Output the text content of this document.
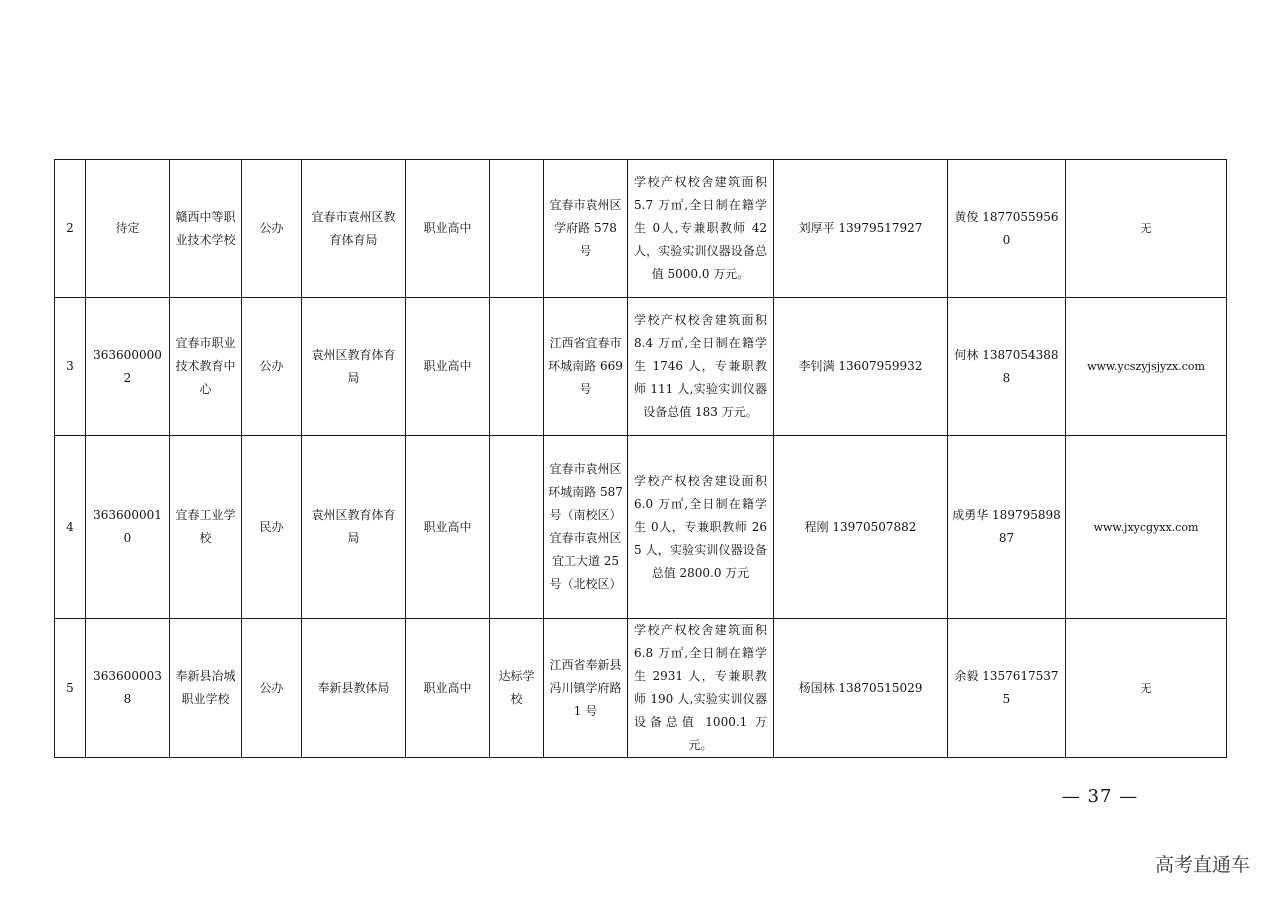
2	待定	赣西中等职业技术学校	公办	宜春市袁州区教育体育局	职业高中		宜春市袁州区学府路 578 号	学校产权校舍建筑面积 5.7 万㎡,全日制在籍学生 0人,专兼职教师 42人，实验实训仪器设备总值 5000.0 万元。	刘厚平 13979517927	黄俊 18770559560	无
3	3636000002	宜春市职业技术教育中心	公办	袁州区教育体育局	职业高中		江西省宜春市环城南路 669 号	学校产权校舍建筑面积 8.4 万㎡,全日制在籍学生 1746 人，专兼职教师 111 人,实验实训仪器设备总值 183 万元。	李钊满 13607959932	何林 13870543888	www.ycszyjsjyzx.com
4	3636000010	宜春工业学校	民办	袁州区教育体育局	职业高中		宜春市袁州区环城南路 587 号（南校区）宜春市袁州区宜工大道 25 号（北校区）	学校产权校舍建设面积 6.0 万㎡,全日制在籍学生 0人，专兼职教师 265 人，实验实训仪器设备总值 2800.0 万元	程刚 13970507882	成勇华 18979589887	www.jxycgyxx.com
5	3636000038	奉新县冶城职业学校	公办	奉新县教体局	职业高中	达标学校	江西省奉新县冯川镇学府路 1 号	学校产权校舍建筑面积 6.8 万㎡,全日制在籍学生 2931 人，专兼职教师 190 人,实验实训仪器设备总值 1000.1 万元。	杨国林 13870515029	余毅 13576175375	无
— 37 —
高考直通车
